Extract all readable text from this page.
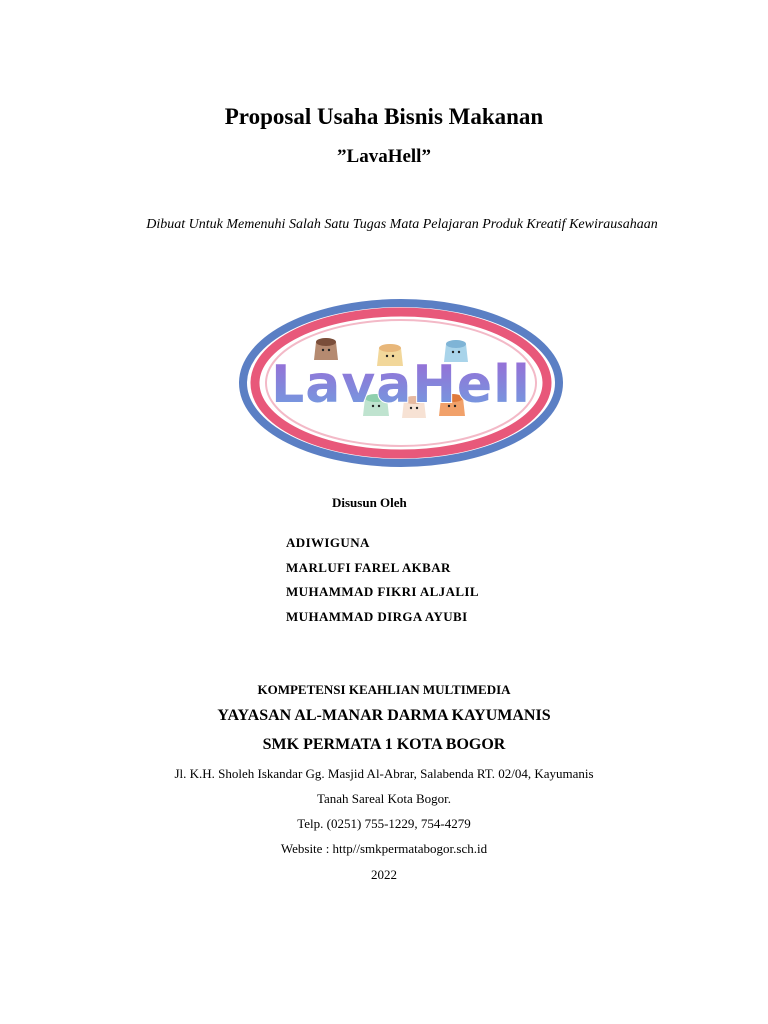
Proposal Usaha Bisnis Makanan
”LavaHell”
Dibuat Untuk Memenuhi Salah Satu Tugas Mata Pelajaran Produk Kreatif Kewirausahaan
LavaHell
Disusun Oleh
ADIWIGUNA
MARLUFI FAREL AKBAR
MUHAMMAD FIKRI ALJALIL
MUHAMMAD DIRGA AYUBI
KOMPETENSI KEAHLIAN MULTIMEDIA
YAYASAN AL-MANAR DARMA KAYUMANIS
SMK PERMATA 1 KOTA BOGOR
Jl. K.H. Sholeh Iskandar Gg. Masjid Al-Abrar, Salabenda RT. 02/04, Kayumanis
Tanah Sareal Kota Bogor.
Telp. (0251) 755-1229, 754-4279
Website : http//smkpermatabogor.sch.id
2022
